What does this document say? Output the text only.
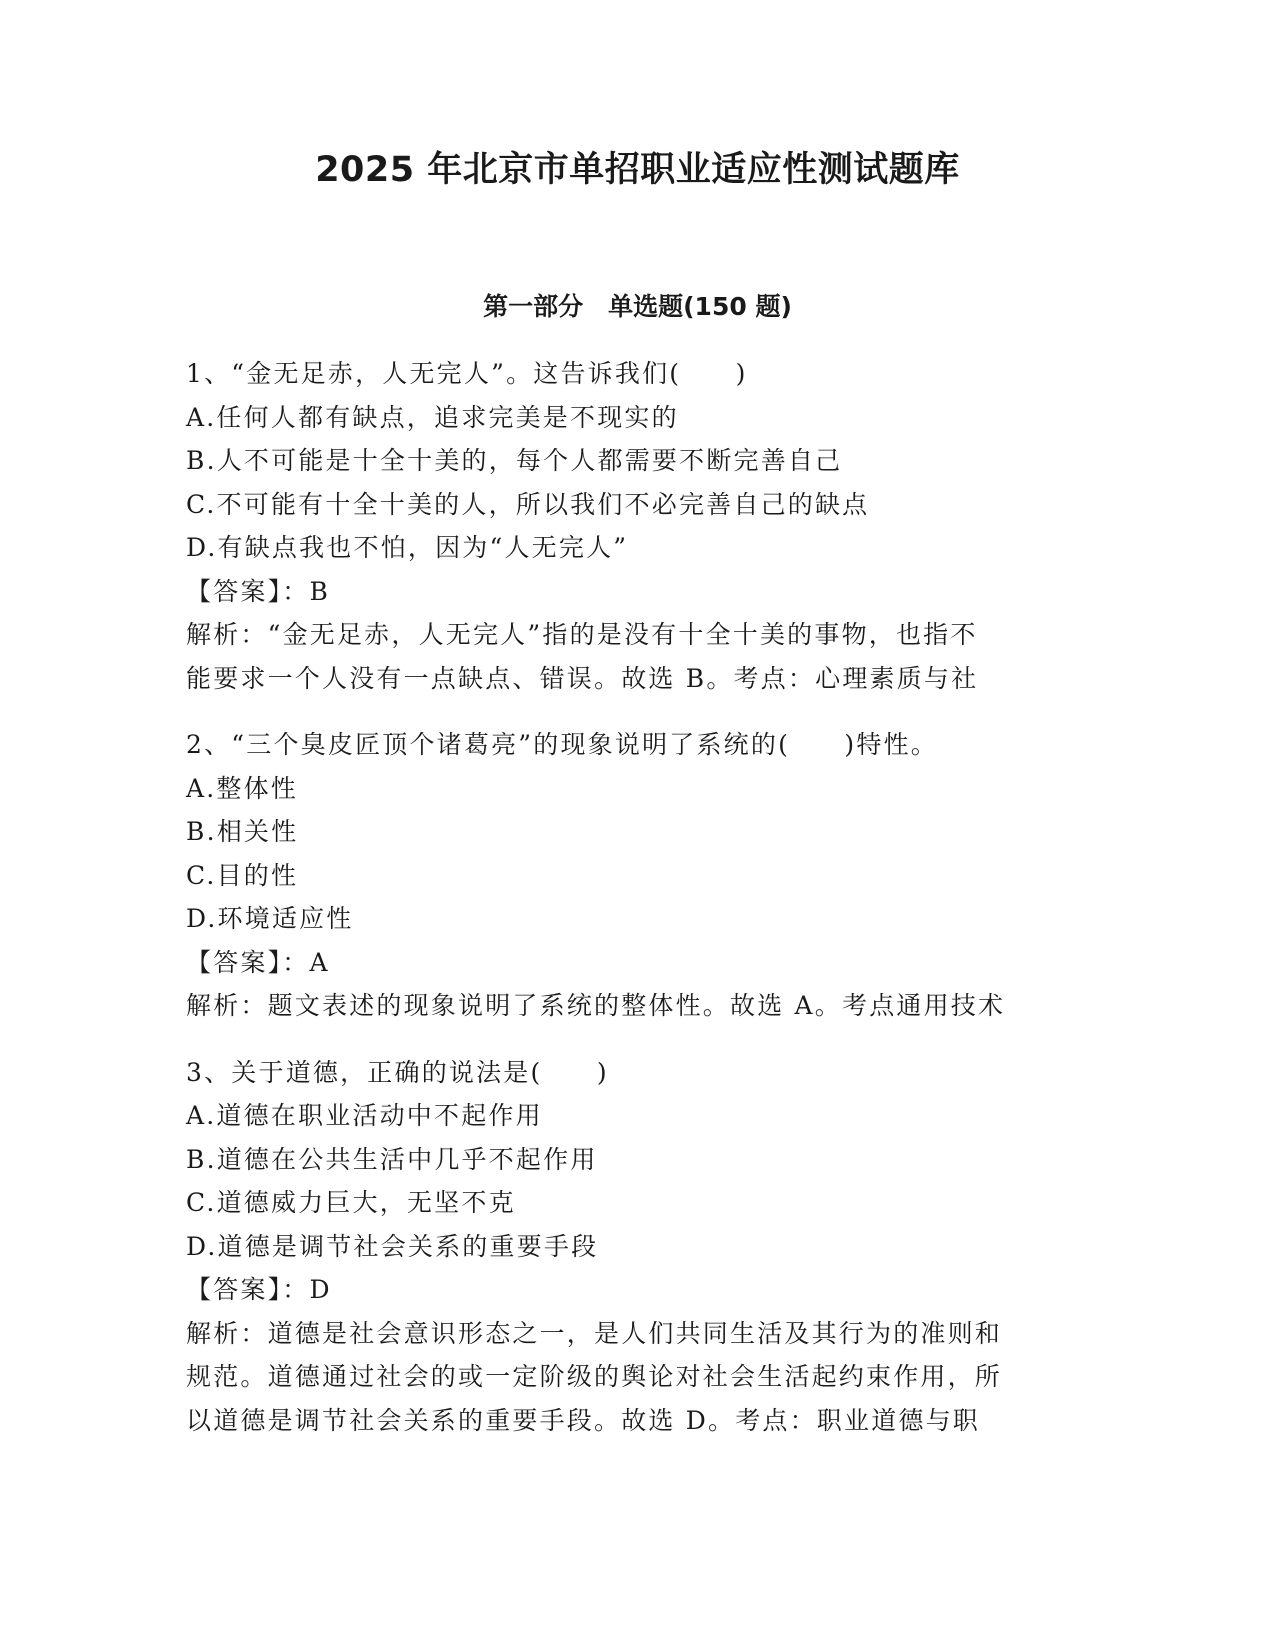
2025 年北京市单招职业适应性测试题库
第一部分　单选题(150 题)
1、“金无足赤，人无完人”。这告诉我们(　　)
A.任何人都有缺点，追求完美是不现实的
B.人不可能是十全十美的，每个人都需要不断完善自己
C.不可能有十全十美的人，所以我们不必完善自己的缺点
D.有缺点我也不怕，因为“人无完人”
【答案】：B
解析：“金无足赤，人无完人”指的是没有十全十美的事物，也指不
能要求一个人没有一点缺点、错误。故选 B。考点：心理素质与社
2、“三个臭皮匠顶个诸葛亮”的现象说明了系统的(　　)特性。
A.整体性
B.相关性
C.目的性
D.环境适应性
【答案】：A
解析：题文表述的现象说明了系统的整体性。故选 A。考点通用技术
3、关于道德，正确的说法是(　　)
A.道德在职业活动中不起作用
B.道德在公共生活中几乎不起作用
C.道德威力巨大，无坚不克
D.道德是调节社会关系的重要手段
【答案】：D
解析：道德是社会意识形态之一，是人们共同生活及其行为的准则和
规范。道德通过社会的或一定阶级的舆论对社会生活起约束作用，所
以道德是调节社会关系的重要手段。故选 D。考点：职业道德与职
